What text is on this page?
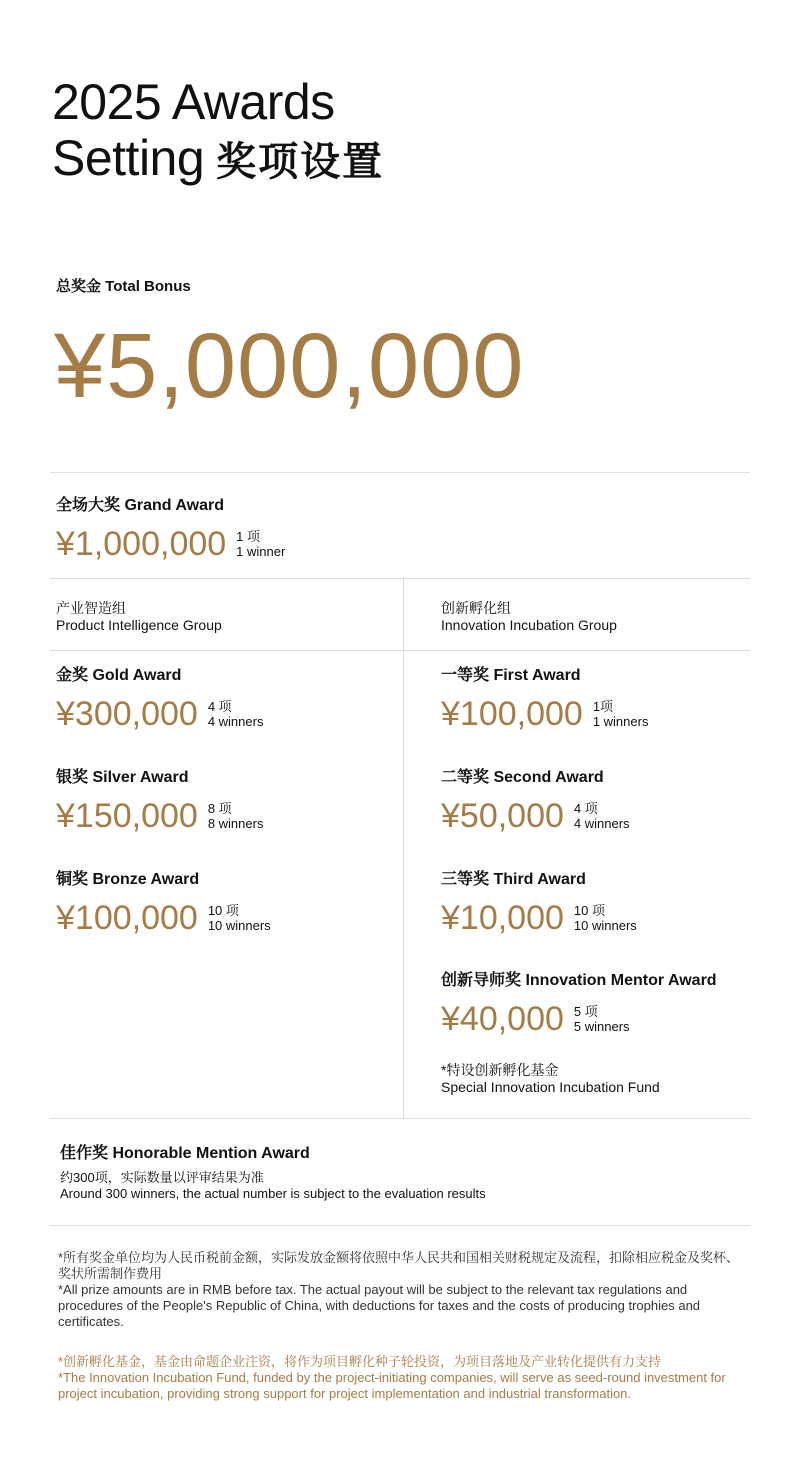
2025 Awards
Setting 奖项设置
总奖金 Total Bonus
¥5,000,000
全场大奖 Grand Award
¥1,000,000 1 项
1 winner
产业智造组
Product Intelligence Group
创新孵化组
Innovation Incubation Group
金奖 Gold Award
¥300,000 4 项
4 winners
银奖 Silver Award
¥150,000 8 项
8 winners
铜奖 Bronze Award
¥100,000 10 项
10 winners
一等奖 First Award
¥100,000 1项
1 winners
二等奖 Second Award
¥50,000 4 项
4 winners
三等奖 Third Award
¥10,000 10 项
10 winners
创新导师奖 Innovation Mentor Award
¥40,000 5 项
5 winners
*特设创新孵化基金
Special Innovation Incubation Fund
佳作奖 Honorable Mention Award
约300项，实际数量以评审结果为准
Around 300 winners, the actual number is subject to the evaluation results
*所有奖金单位均为人民币税前金额，实际发放金额将依照中华人民共和国相关财税规定及流程，扣除相应税金及奖杯、奖状所需制作费用
*All prize amounts are in RMB before tax. The actual payout will be subject to the relevant tax regulations and procedures of the People's Republic of China, with deductions for taxes and the costs of producing trophies and certificates.
*创新孵化基金，基金由命题企业注资，将作为项目孵化种子轮投资，为项目落地及产业转化提供有力支持
*The Innovation Incubation Fund, funded by the project-initiating companies, will serve as seed-round investment for project incubation, providing strong support for project implementation and industrial transformation.
